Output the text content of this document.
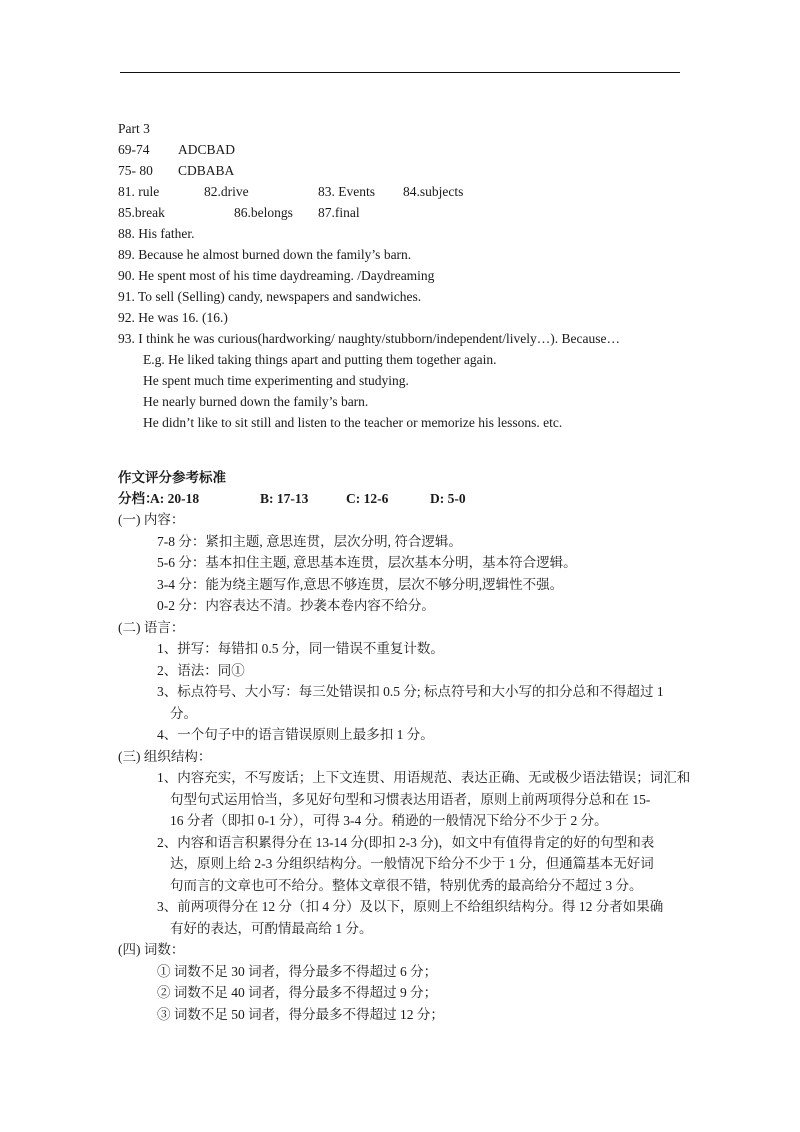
Part 3
69-74 ADCBAD
75- 80 CDBABA
81. rule	82.drive	83. Events 84.subjects
85.break	86.belongs 87.final
88. His father.
89. Because he almost burned down the family’s barn.
90. He spent most of his time daydreaming. /Daydreaming
91. To sell (Selling) candy, newspapers and sandwiches.
92. He was 16. (16.)
93. I think he was curious(hardworking/ naughty/stubborn/independent/lively…). Because…
E.g. He liked taking things apart and putting them together again.
He spent much time experimenting and studying.
He nearly burned down the family’s barn.
He didn’t like to sit still and listen to the teacher or memorize his lessons. etc.
作文评分参考标准
分档：
A: 20-18	B: 17-13	C: 12-6	D: 5-0
(一) 内容：
7-8 分：紧扣主题, 意思连贯，层次分明, 符合逻辑。
5-6 分：基本扣住主题, 意思基本连贯，层次基本分明，基本符合逻辑。
3-4 分：能为绕主题写作,意思不够连贯，层次不够分明,逻辑性不强。
0-2 分：内容表达不清。抄袭本卷内容不给分。
(二) 语言：
1、拼写：每错扣 0.5 分，同一错误不重复计数。
2、语法：同①
3、标点符号、大小写：每三处错误扣 0.5 分; 标点符号和大小写的扣分总和不得超过 1
分。
4、一个句子中的语言错误原则上最多扣 1 分。
(三) 组织结构：
1、内容充实，不写废话；上下文连贯、用语规范、表达正确、无或极少语法错误；词汇和
句型句式运用恰当，多见好句型和习惯表达用语者，原则上前两项得分总和在 15-
16 分者（即扣 0-1 分），可得 3-4 分。稍逊的一般情况下给分不少于 2 分。
2、内容和语言积累得分在 13-14 分(即扣 2-3 分)，如文中有值得肯定的好的句型和表
达，原则上给 2-3 分组织结构分。一般情况下给分不少于 1 分，但通篇基本无好词
句而言的文章也可不给分。整体文章很不错，特别优秀的最高给分不超过 3 分。
3、前两项得分在 12 分（扣 4 分）及以下，原则上不给组织结构分。得 12 分者如果确
有好的表达，可酌情最高给 1 分。
(四) 词数：
① 词数不足 30 词者，得分最多不得超过 6 分；
② 词数不足 40 词者，得分最多不得超过 9 分；
③ 词数不足 50 词者，得分最多不得超过 12 分；
